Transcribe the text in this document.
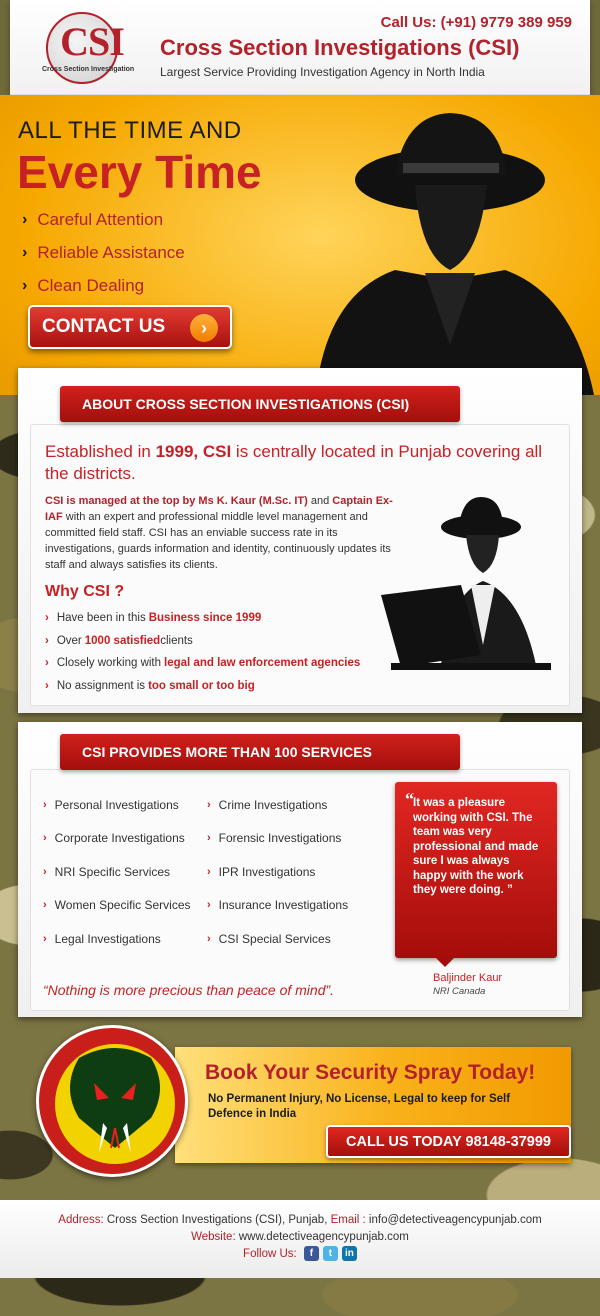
CSI
Cross Section Investigation
Call Us: (+91) 9779 389 959
Cross Section Investigations (CSI)
Largest Service Providing Investigation Agency in North India
ALL THE TIME AND
Every Time
› Careful Attention
› Reliable Assistance
› Clean Dealing
CONTACT US	›
Established in 1999, CSI is centrally located in Punjab covering all the districts.
CSI is managed at the top by Ms K. Kaur (M.Sc. IT) and Captain Ex-IAF with an expert and professional middle level management and committed field staff. CSI has an enviable success rate in its investigations, guards information and identity, continuously updates its staff and always satisfies its clients.
Why CSI ?
› Have been in this Business since 1999
› Over 1000 satisfied clients
› Closely working with legal and law enforcement agencies
› No assignment is too small or too big
ABOUT CROSS SECTION INVESTIGATIONS (CSI)
› Personal Investigations
› Corporate Investigations
› NRI Specific Services
› Women Specific Services
› Legal Investigations
› Crime Investigations
› Forensic Investigations
› IPR Investigations
› Insurance Investigations
› CSI Special Services
“Nothing is more precious than peace of mind”.
“ It was a pleasure working with CSI. The team was very professional and made sure I was always happy with the work they were doing. ”
Baljinder Kaur
NRI Canada
CSI PROVIDES MORE THAN 100 SERVICES
Book Your Security Spray Today!
No Permanent Injury, No License, Legal to keep for Self Defence in India
CALL US TODAY 98148-37999
Address: Cross Section Investigations (CSI), Punjab, Email : info@detectiveagencypunjab.com
Website: www.detectiveagencypunjab.com
Follow Us:	f	t	in
